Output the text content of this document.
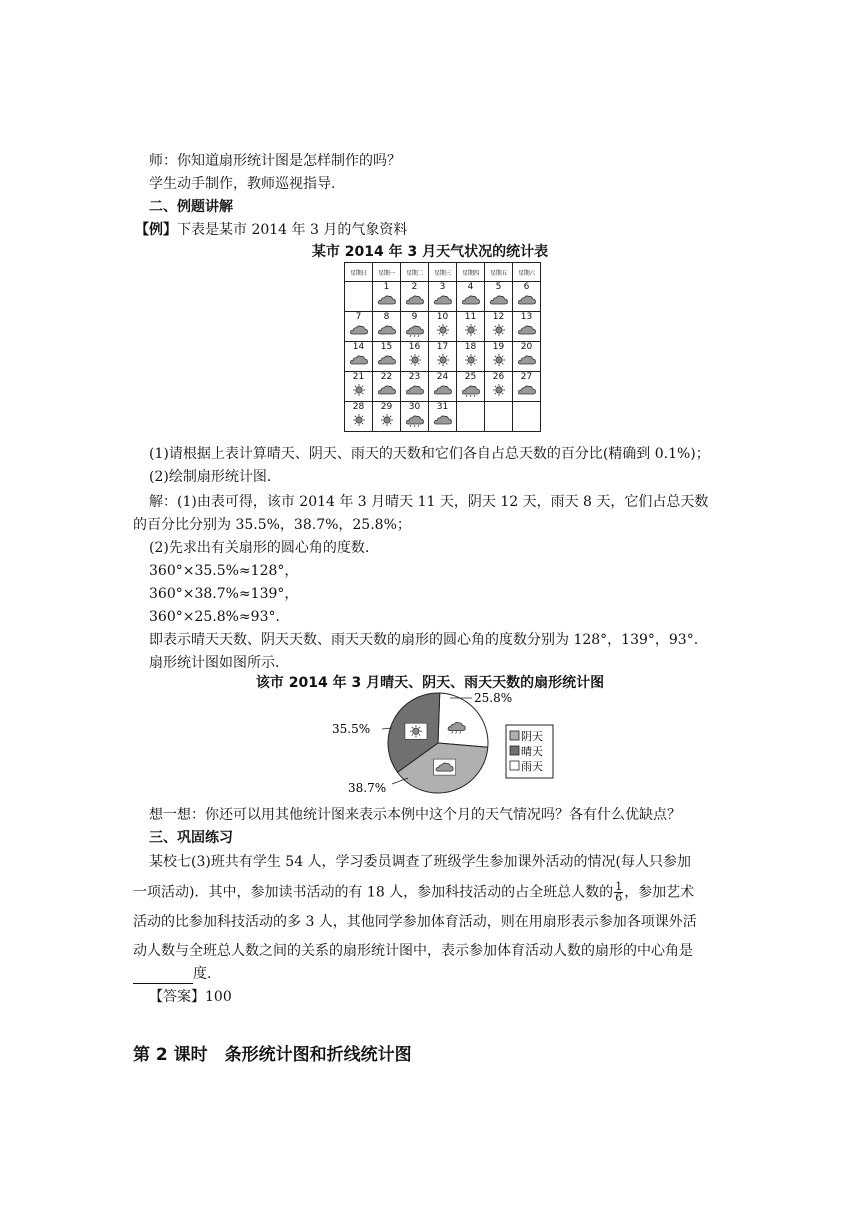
师：你知道扇形统计图是怎样制作的吗？
学生动手制作，教师巡视指导.
二、例题讲解
【例】下表是某市 2014 年 3 月的气象资料
某市 2014 年 3 月天气状况的统计表
星期日	星期一	星期二	星期三	星期四	星期五	星期六

	1	2	3	4	5	6

7	8	9	10	11	12	13

14	15	16	17	18	19	20

21	22	23	24	25	26	27

28	29	30	31			

(1)请根据上表计算晴天、阴天、雨天的天数和它们各自占总天数的百分比(精确到 0.1%)；
(2)绘制扇形统计图.
解：(1)由表可得，该市 2014 年 3 月晴天 11 天，阴天 12 天，雨天 8 天，它们占总天数
的百分比分别为 35.5%，38.7%，25.8%；
(2)先求出有关扇形的圆心角的度数.
360°×35.5%≈128°，
360°×38.7%≈139°，
360°×25.8%≈93°.
即表示晴天天数、阴天天数、雨天天数的扇形的圆心角的度数分别为 128°，139°，93°.
扇形统计图如图所示.
该市 2014 年 3 月晴天、阴天、雨天天数的扇形统计图
35.5%
38.7%
25.8%
阴天
晴天
雨天
想一想：你还可以用其他统计图来表示本例中这个月的天气情况吗？各有什么优缺点？
三、巩固练习
某校七(3)班共有学生 54 人，学习委员调查了班级学生参加课外活动的情况(每人只参加
一项活动)．其中，参加读书活动的有 18 人，参加科技活动的占全班总人数的 $\frac{1}{6}$ ，参加艺术
活动的比参加科技活动的多 3 人，其他同学参加体育活动，则在用扇形表示参加各项课外活
动人数与全班总人数之间的关系的扇形统计图中，表示参加体育活动人数的扇形的中心角是
度.
【答案】100
第 2 课时　条形统计图和折线统计图
